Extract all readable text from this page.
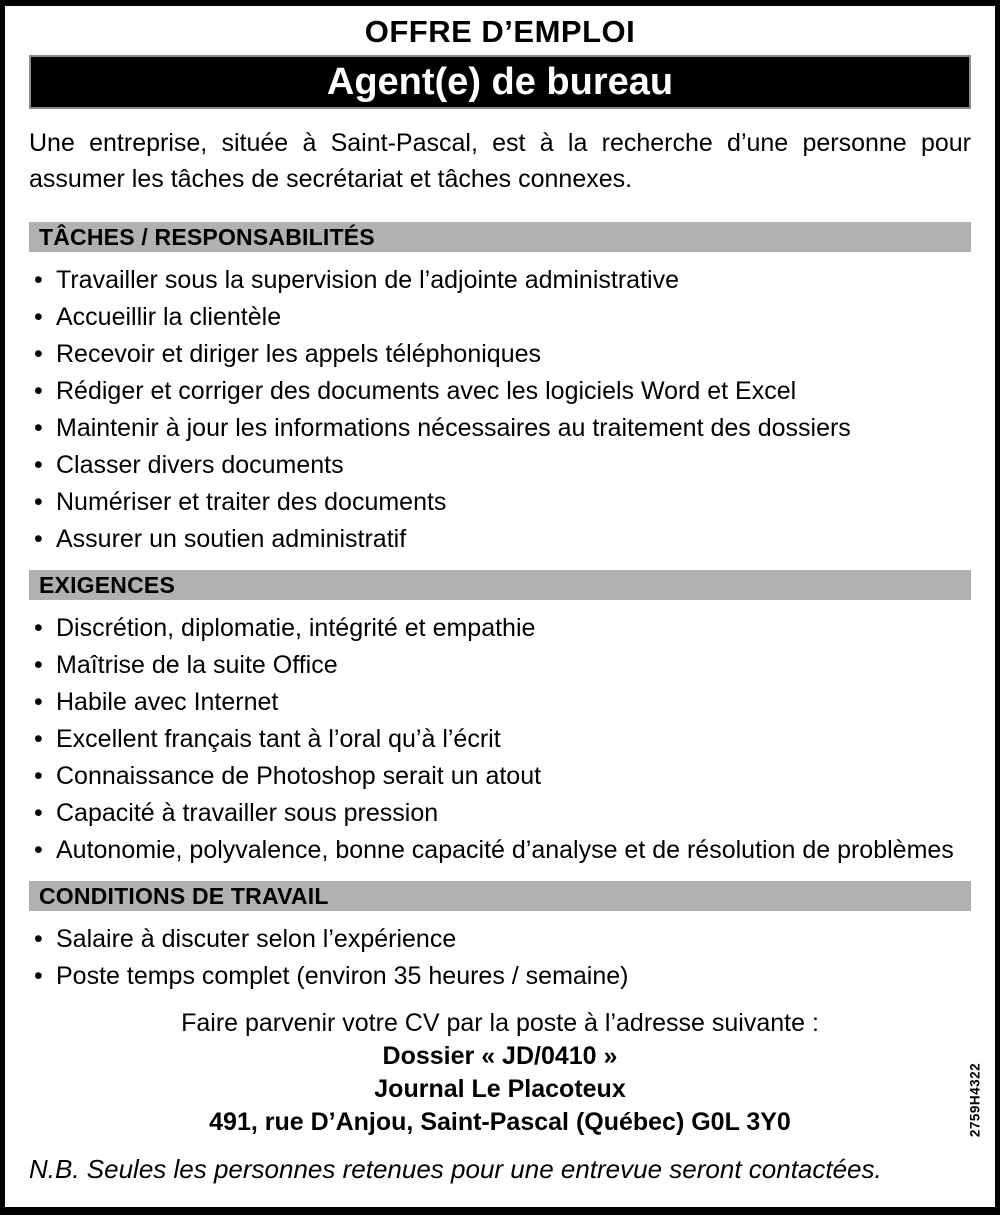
OFFRE D’EMPLOI
Agent(e) de bureau

Une entreprise, située à Saint-Pascal, est à la recherche d’une personne pour assumer les tâches de secrétariat et tâches connexes.

TÂCHES / RESPONSABILITÉS
• Travailler sous la supervision de l’adjointe administrative
• Accueillir la clientèle
• Recevoir et diriger les appels téléphoniques
• Rédiger et corriger des documents avec les logiciels Word et Excel
• Maintenir à jour les informations nécessaires au traitement des dossiers
• Classer divers documents
• Numériser et traiter des documents
• Assurer un soutien administratif
EXIGENCES
• Discrétion, diplomatie, intégrité et empathie
• Maîtrise de la suite Office
• Habile avec Internet
• Excellent français tant à l’oral qu’à l’écrit
• Connaissance de Photoshop serait un atout
• Capacité à travailler sous pression
• Autonomie, polyvalence, bonne capacité d’analyse et de résolution de problèmes
CONDITIONS DE TRAVAIL
• Salaire à discuter selon l’expérience
• Poste temps complet (environ 35 heures / semaine)
Faire parvenir votre CV par la poste à l’adresse suivante :
Dossier « JD/0410 »
Journal Le Placoteux
491, rue D’Anjou, Saint-Pascal (Québec) G0L 3Y0
N.B. Seules les personnes retenues pour une entrevue seront contactées.
2759H4322
